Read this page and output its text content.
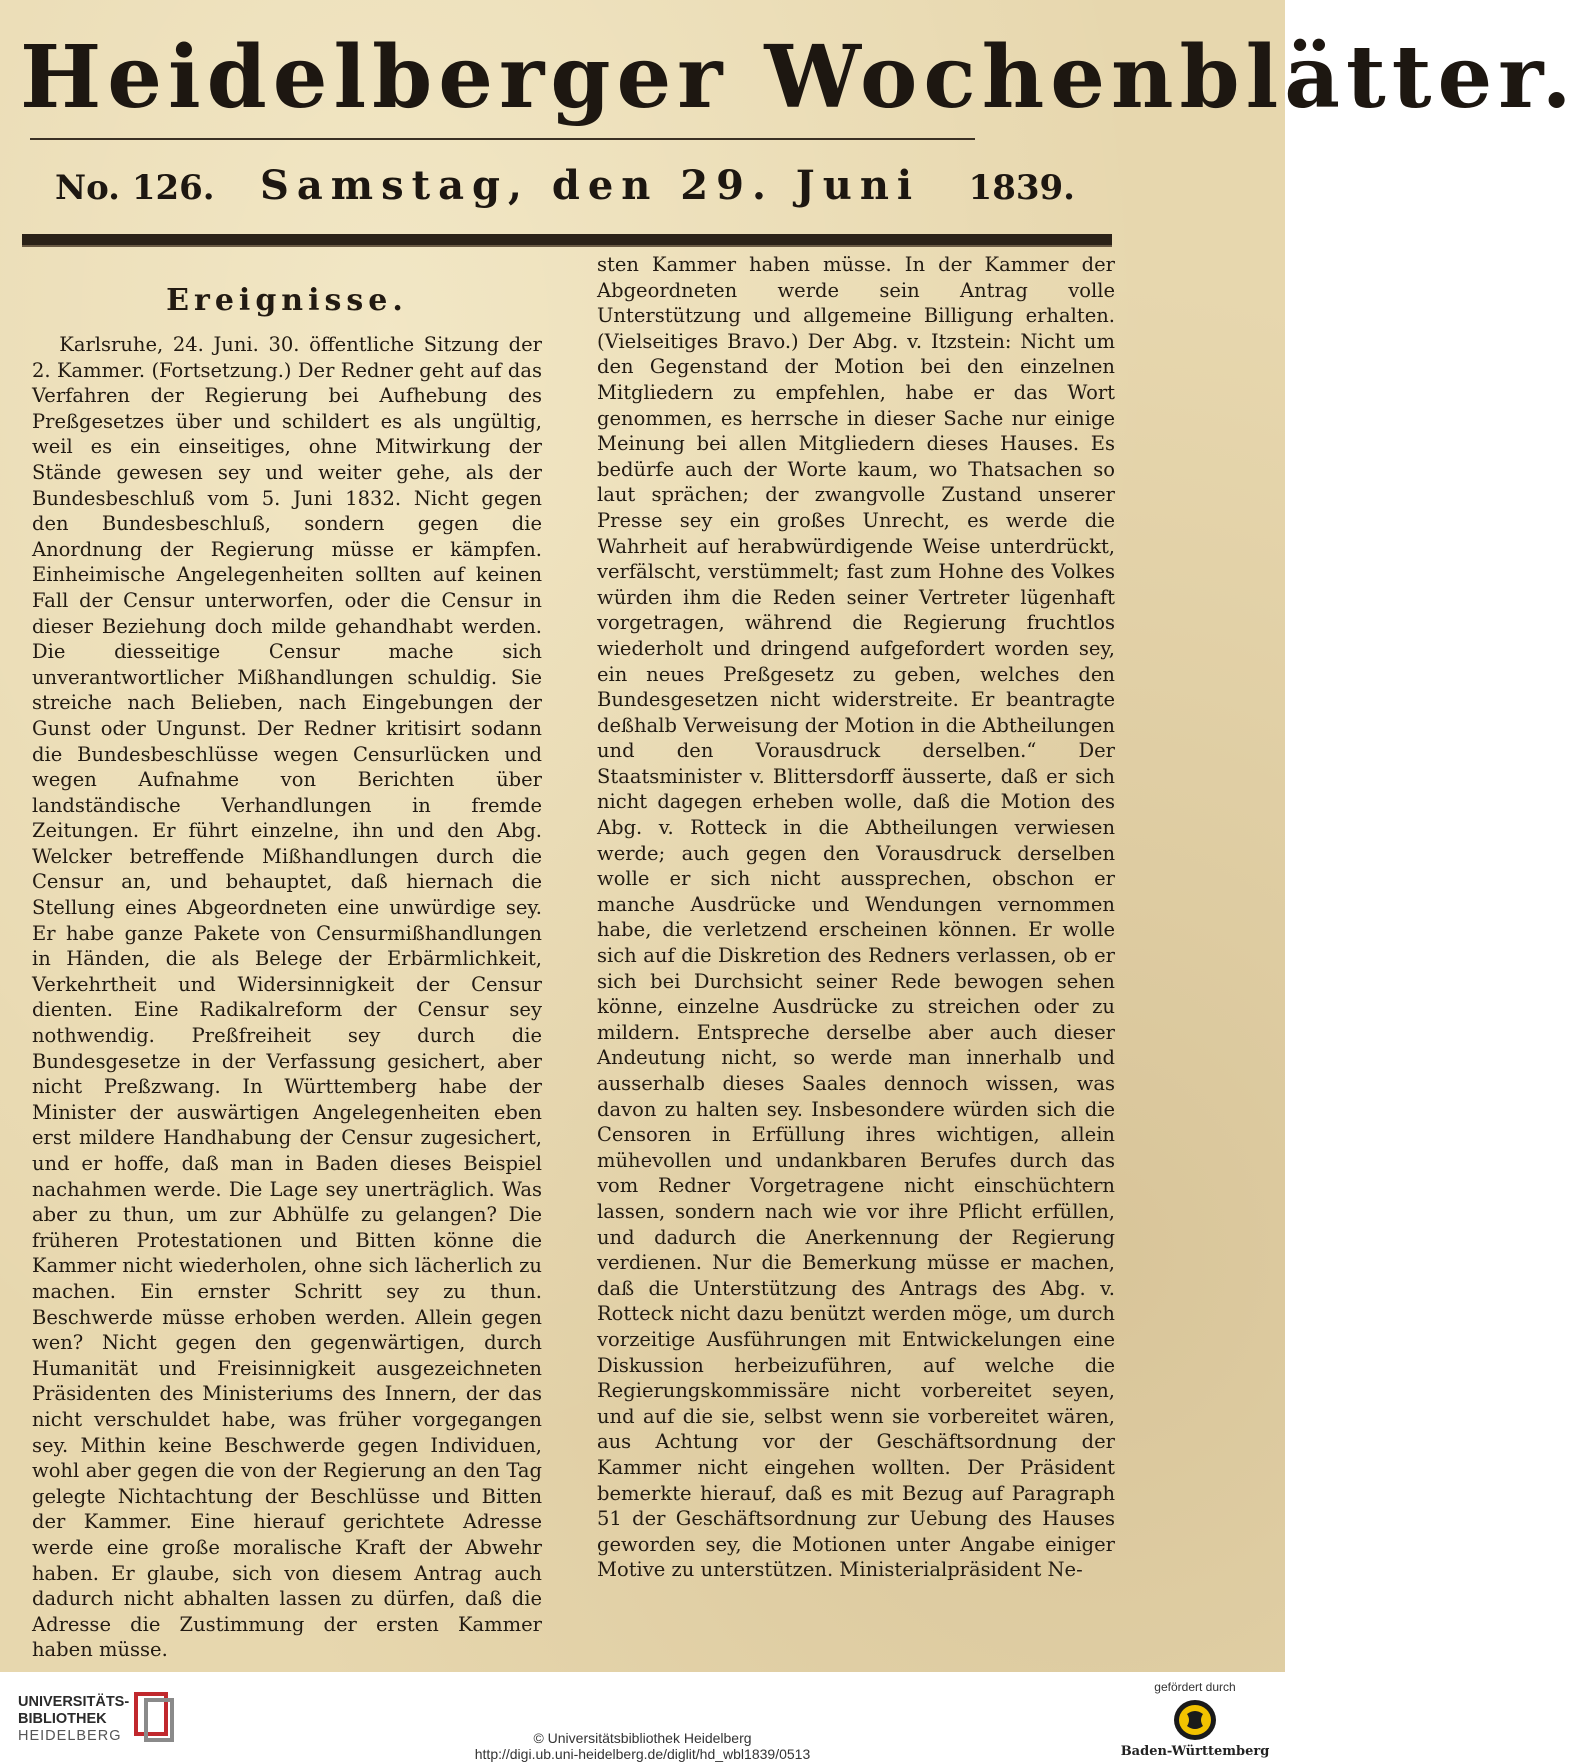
Heidelberger Wochenblätter.
No. 126. Samstag, den 29. Juni 1839.
Ereignisse.

Karlsruhe, 24. Juni. 30. öffentliche Sitzung der 2. Kammer. (Fortsetzung.) Der Redner geht auf das Verfahren der Regierung bei Aufhebung des Preßgesetzes über und schildert es als ungültig, weil es ein einseitiges, ohne Mitwirkung der Stände gewesen sey und weiter gehe, als der Bundesbeschluß vom 5. Juni 1832. Nicht gegen den Bundesbeschluß, sondern gegen die Anordnung der Regierung müsse er kämpfen. Einheimische Angelegenheiten sollten auf keinen Fall der Censur unterworfen, oder die Censur in dieser Beziehung doch milde gehandhabt werden. Die diesseitige Censur mache sich unverantwortlicher Mißhandlungen schuldig. Sie streiche nach Belieben, nach Eingebungen der Gunst oder Ungunst. Der Redner kritisirt sodann die Bundesbeschlüsse wegen Censurlücken und wegen Aufnahme von Berichten über landständische Verhandlungen in fremde Zeitungen. Er führt einzelne, ihn und den Abg. Welcker betreffende Mißhandlungen durch die Censur an, und behauptet, daß hiernach die Stellung eines Abgeordneten eine unwürdige sey. Er habe ganze Pakete von Censurmißhandlungen in Händen, die als Belege der Erbärmlichkeit, Verkehrtheit und Widersinnigkeit der Censur dienten. Eine Radikalreform der Censur sey nothwendig. Preßfreiheit sey durch die Bundesgesetze in der Verfassung gesichert, aber nicht Preßzwang. In Württemberg habe der Minister der auswärtigen Angelegenheiten eben erst mildere Handhabung der Censur zugesichert, und er hoffe, daß man in Baden dieses Beispiel nachahmen werde. Die Lage sey unerträglich. Was aber zu thun, um zur Abhülfe zu gelangen? Die früheren Protestationen und Bitten könne die Kammer nicht wiederholen, ohne sich lächerlich zu machen. Ein ernster Schritt sey zu thun. Beschwerde müsse erhoben werden. Allein gegen wen? Nicht gegen den gegenwärtigen, durch Humanität und Freisinnigkeit ausgezeichneten Präsidenten des Ministeriums des Innern, der das nicht verschuldet habe, was früher vorgegangen sey. Mithin keine Beschwerde gegen Individuen, wohl aber gegen die von der Regierung an den Tag gelegte Nichtachtung der Beschlüsse und Bitten der Kammer. Eine hierauf gerichtete Adresse werde eine große moralische Kraft der Abwehr haben. Er glaube, sich von diesem Antrag auch dadurch nicht abhalten lassen zu dürfen, daß die Adresse die Zustimmung der ersten Kammer haben müsse.

sten Kammer haben müsse. In der Kammer der Abgeordneten werde sein Antrag volle Unterstützung und allgemeine Billigung erhalten. (Vielseitiges Bravo.) Der Abg. v. Itzstein: Nicht um den Gegenstand der Motion bei den einzelnen Mitgliedern zu empfehlen, habe er das Wort genommen, es herrsche in dieser Sache nur einige Meinung bei allen Mitgliedern dieses Hauses. Es bedürfe auch der Worte kaum, wo Thatsachen so laut sprächen; der zwangvolle Zustand unserer Presse sey ein großes Unrecht, es werde die Wahrheit auf herabwürdigende Weise unterdrückt, verfälscht, verstümmelt; fast zum Hohne des Volkes würden ihm die Reden seiner Vertreter lügenhaft vorgetragen, während die Regierung fruchtlos wiederholt und dringend aufgefordert worden sey, ein neues Preßgesetz zu geben, welches den Bundesgesetzen nicht widerstreite. Er beantragte deßhalb Verweisung der Motion in die Abtheilungen und den Vorausdruck derselben.“ Der Staatsminister v. Blittersdorff äusserte, daß er sich nicht dagegen erheben wolle, daß die Motion des Abg. v. Rotteck in die Abtheilungen verwiesen werde; auch gegen den Vorausdruck derselben wolle er sich nicht aussprechen, obschon er manche Ausdrücke und Wendungen vernommen habe, die verletzend erscheinen können. Er wolle sich auf die Diskretion des Redners verlassen, ob er sich bei Durchsicht seiner Rede bewogen sehen könne, einzelne Ausdrücke zu streichen oder zu mildern. Entspreche derselbe aber auch dieser Andeutung nicht, so werde man innerhalb und ausserhalb dieses Saales dennoch wissen, was davon zu halten sey. Insbesondere würden sich die Censoren in Erfüllung ihres wichtigen, allein mühevollen und undankbaren Berufes durch das vom Redner Vorgetragene nicht einschüchtern lassen, sondern nach wie vor ihre Pflicht erfüllen, und dadurch die Anerkennung der Regierung verdienen. Nur die Bemerkung müsse er machen, daß die Unterstützung des Antrags des Abg. v. Rotteck nicht dazu benützt werden möge, um durch vorzeitige Ausführungen mit Entwickelungen eine Diskussion herbeizuführen, auf welche die Regierungskommissäre nicht vorbereitet seyen, und auf die sie, selbst wenn sie vorbereitet wären, aus Achtung vor der Geschäftsordnung der Kammer nicht eingehen wollten. Der Präsident bemerkte hierauf, daß es mit Bezug auf Paragraph 51 der Geschäftsordnung zur Uebung des Hauses geworden sey, die Motionen unter Angabe einiger Motive zu unterstützen. Ministerialpräsident Ne-

UNIVERSITÄTS-
BIBLIOTHEK
HEIDELBERG	© Universitätsbibliothek Heidelberg
http://digi.ub.uni-heidelberg.de/diglit/hd_wbl1839/0513
gefördert durch
Baden-Württemberg
